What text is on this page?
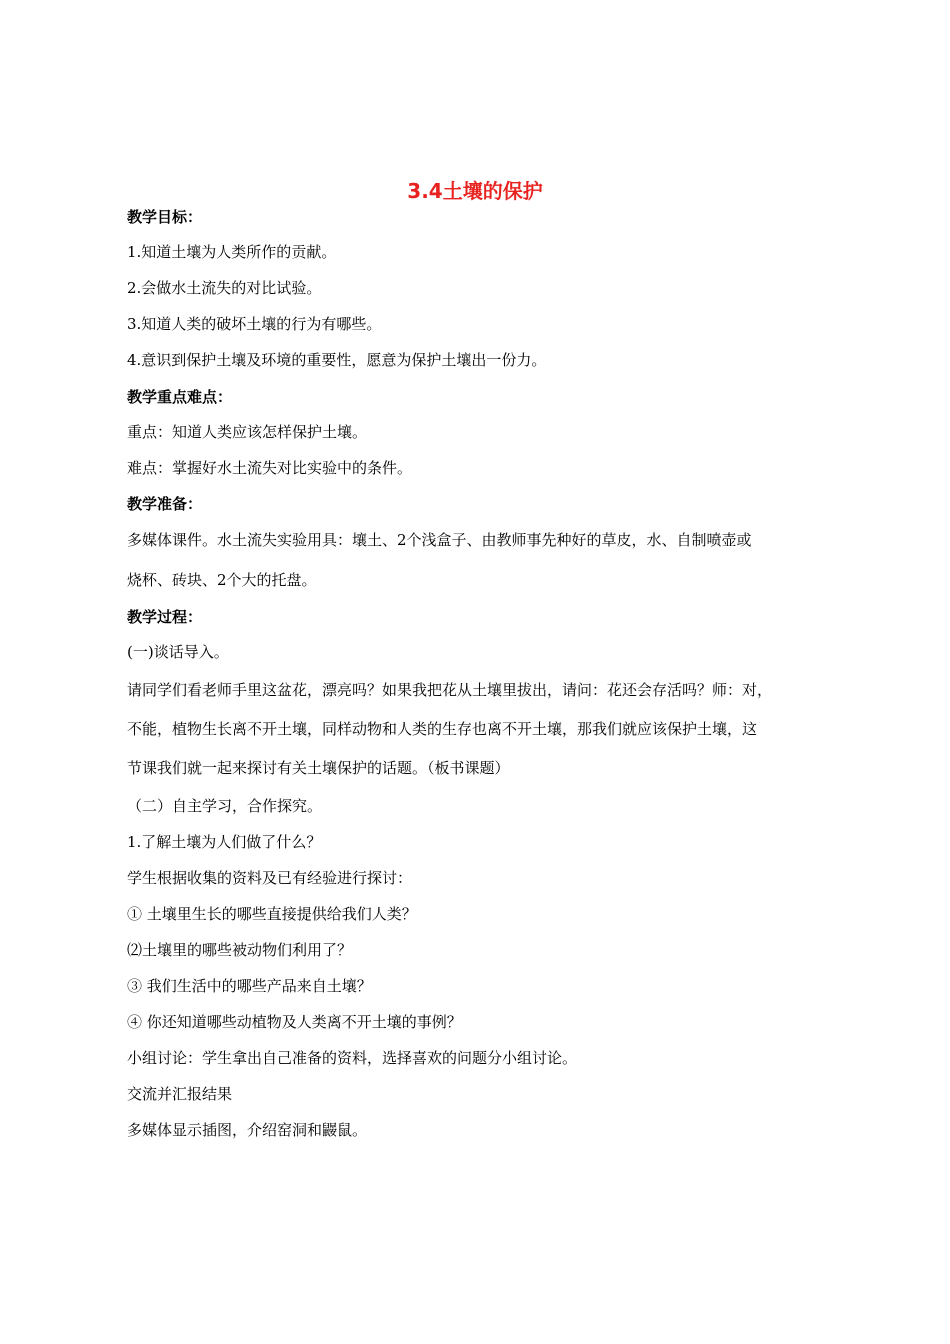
3.4土壤的保护
教学目标：
1.知道土壤为人类所作的贡献。
2.会做水土流失的对比试验。
3.知道人类的破坏土壤的行为有哪些。
4.意识到保护土壤及环境的重要性，愿意为保护土壤出一份力。
教学重点难点：
重点：知道人类应该怎样保护土壤。
难点：掌握好水土流失对比实验中的条件。
教学准备：
多媒体课件。水土流失实验用具：壤土、2个浅盒子、由教师事先种好的草皮，水、自制喷壶或
烧杯、砖块、2个大的托盘。
教学过程：
(一)谈话导入。
请同学们看老师手里这盆花，漂亮吗？如果我把花从土壤里拔出，请问：花还会存活吗？师：对，
不能，植物生长离不开土壤，同样动物和人类的生存也离不开土壤，那我们就应该保护土壤，这
节课我们就一起来探讨有关土壤保护的话题。（板书课题）
（二）自主学习，合作探究。
1.了解土壤为人们做了什么？
学生根据收集的资料及已有经验进行探讨：
① 土壤里生长的哪些直接提供给我们人类？
⑵土壤里的哪些被动物们利用了？
③ 我们生活中的哪些产品来自土壤？
④ 你还知道哪些动植物及人类离不开土壤的事例？
小组讨论：学生拿出自己准备的资料，选择喜欢的问题分小组讨论。
交流并汇报结果
多媒体显示插图，介绍窑洞和鼹鼠。
